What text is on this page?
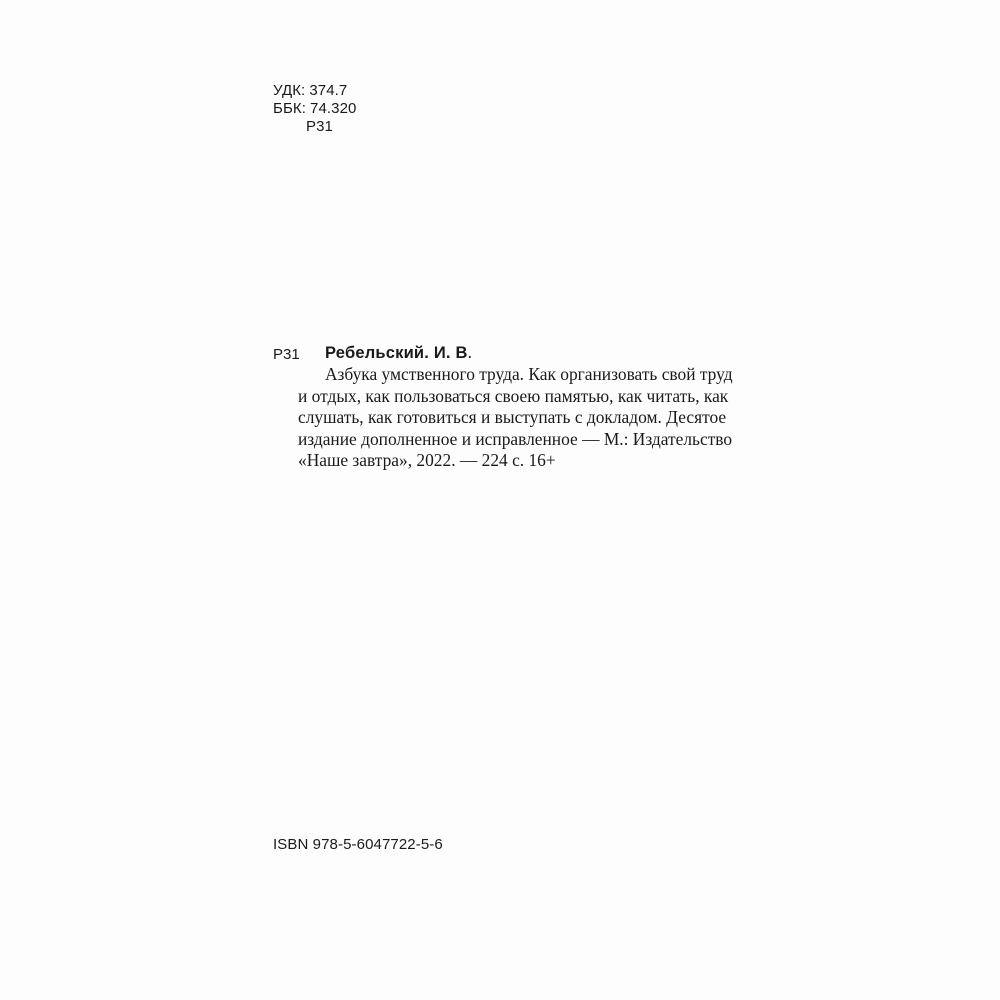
УДК: 374.7
ББК: 74.320
Р31
Р31	Ребельский. И. В.
Азбука умственного труда. Как организовать свой труд
и отдых, как пользоваться своею памятью, как читать, как
слушать, как готовиться и выступать с докладом. Десятое
издание дополненное и исправленное — М.: Издательство
«Наше завтра», 2022. — 224 с. 16+
ISBN 978-5-6047722-5-6
